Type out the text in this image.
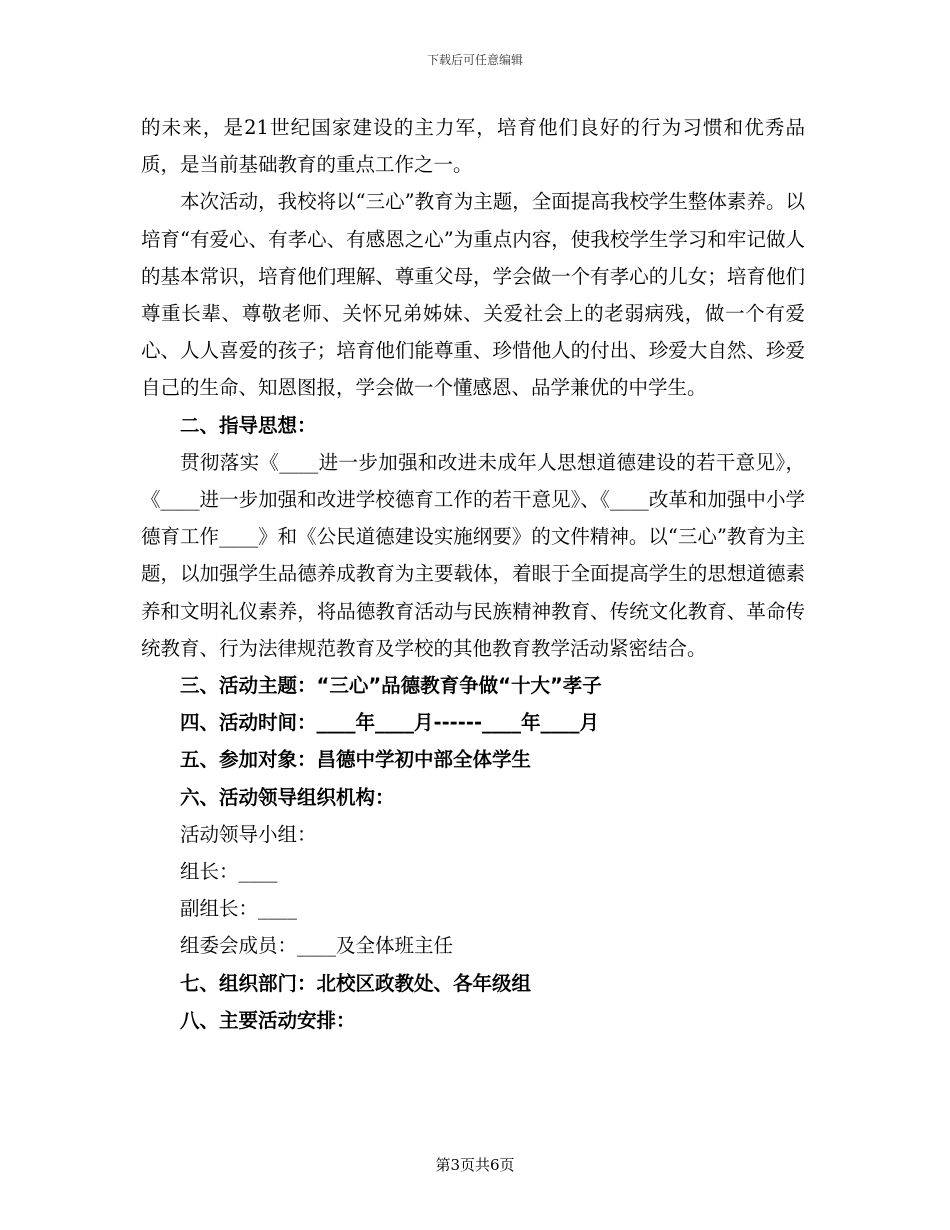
下载后可任意编辑

的未来，是21世纪国家建设的主力军，培育他们良好的行为习惯和优秀品质，是当前基础教育的重点工作之一。

本次活动，我校将以“三心”教育为主题，全面提高我校学生整体素养。以培育“有爱心、有孝心、有感恩之心”为重点内容，使我校学生学习和牢记做人的基本常识，培育他们理解、尊重父母，学会做一个有孝心的儿女；培育他们尊重长辈、尊敬老师、关怀兄弟姊妹、关爱社会上的老弱病残，做一个有爱心、人人喜爱的孩子；培育他们能尊重、珍惜他人的付出、珍爱大自然、珍爱自己的生命、知恩图报，学会做一个懂感恩、品学兼优的中学生。

二、指导思想：

贯彻落实《____进一步加强和改进未成年人思想道德建设的若干意见》，《____进一步加强和改进学校德育工作的若干意见》、《____改革和加强中小学德育工作____》和《公民道德建设实施纲要》的文件精神。以“三心”教育为主题，以加强学生品德养成教育为主要载体，着眼于全面提高学生的思想道德素养和文明礼仪素养，将品德教育活动与民族精神教育、传统文化教育、革命传统教育、行为法律规范教育及学校的其他教育教学活动紧密结合。

三、活动主题：“三心”品德教育争做“十大”孝子

四、活动时间：____年____月------____年____月

五、参加对象：昌德中学初中部全体学生

六、活动领导组织机构：

活动领导小组：

组长：____

副组长：____

组委会成员：____及全体班主任

七、组织部门：北校区政教处、各年级组

八、主要活动安排：

第3页共6页
